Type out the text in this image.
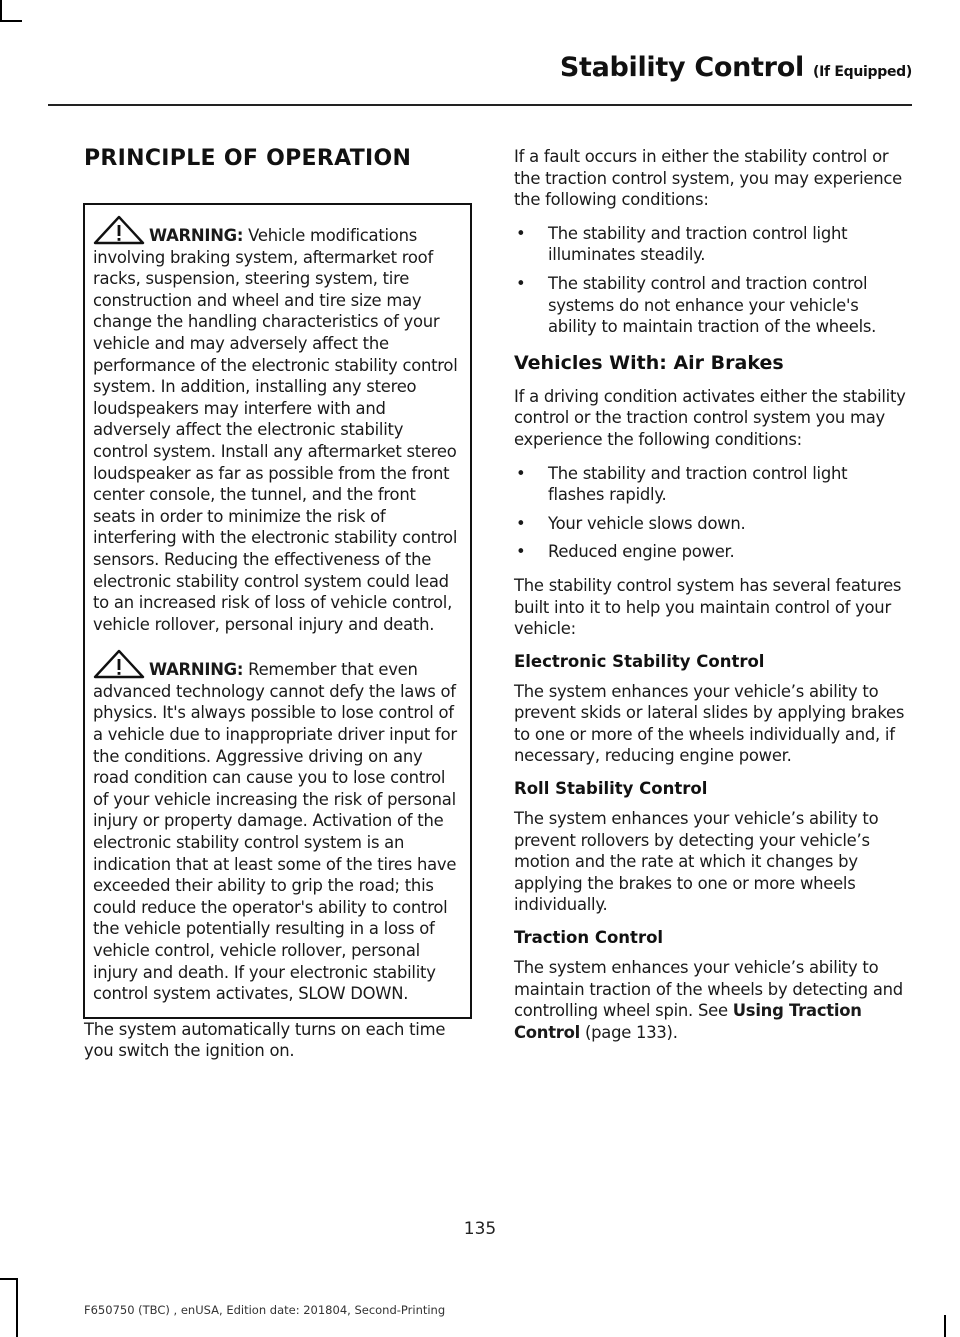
Stability Control (If Equipped)
PRINCIPLE OF OPERATION

WARNING: Vehicle modifications involving braking system, aftermarket roof racks, suspension, steering system, tire construction and wheel and tire size may change the handling characteristics of your vehicle and may adversely affect the performance of the electronic stability control system. In addition, installing any stereo loudspeakers may interfere with and adversely affect the electronic stability control system. Install any aftermarket stereo loudspeaker as far as possible from the front center console, the tunnel, and the front seats in order to minimize the risk of interfering with the electronic stability control sensors. Reducing the effectiveness of the electronic stability control system could lead to an increased risk of loss of vehicle control, vehicle rollover, personal injury and death.

WARNING: Remember that even advanced technology cannot defy the laws of physics. It's always possible to lose control of a vehicle due to inappropriate driver input for the conditions. Aggressive driving on any road condition can cause you to lose control of your vehicle increasing the risk of personal injury or property damage. Activation of the electronic stability control system is an indication that at least some of the tires have exceeded their ability to grip the road; this could reduce the operator's ability to control the vehicle potentially resulting in a loss of vehicle control, vehicle rollover, personal injury and death. If your electronic stability control system activates, SLOW DOWN.

The system automatically turns on each time you switch the ignition on.

If a fault occurs in either the stability control or the traction control system, you may experience the following conditions:

• The stability and traction control light illuminates steadily.
• The stability control and traction control systems do not enhance your vehicle's ability to maintain traction of the wheels.
Vehicles With: Air Brakes

If a driving condition activates either the stability control or the traction control system you may experience the following conditions:

• The stability and traction control light flashes rapidly.
• Your vehicle slows down.
• Reduced engine power.

The stability control system has several features built into it to help you maintain control of your vehicle:

Electronic Stability Control

The system enhances your vehicle’s ability to prevent skids or lateral slides by applying brakes to one or more of the wheels individually and, if necessary, reducing engine power.

Roll Stability Control

The system enhances your vehicle’s ability to prevent rollovers by detecting your vehicle’s motion and the rate at which it changes by applying the brakes to one or more wheels individually.

Traction Control

The system enhances your vehicle’s ability to maintain traction of the wheels by detecting and controlling wheel spin. See Using Traction Control (page 133).

135
F650750 (TBC) , enUSA, Edition date: 201804, Second-Printing
